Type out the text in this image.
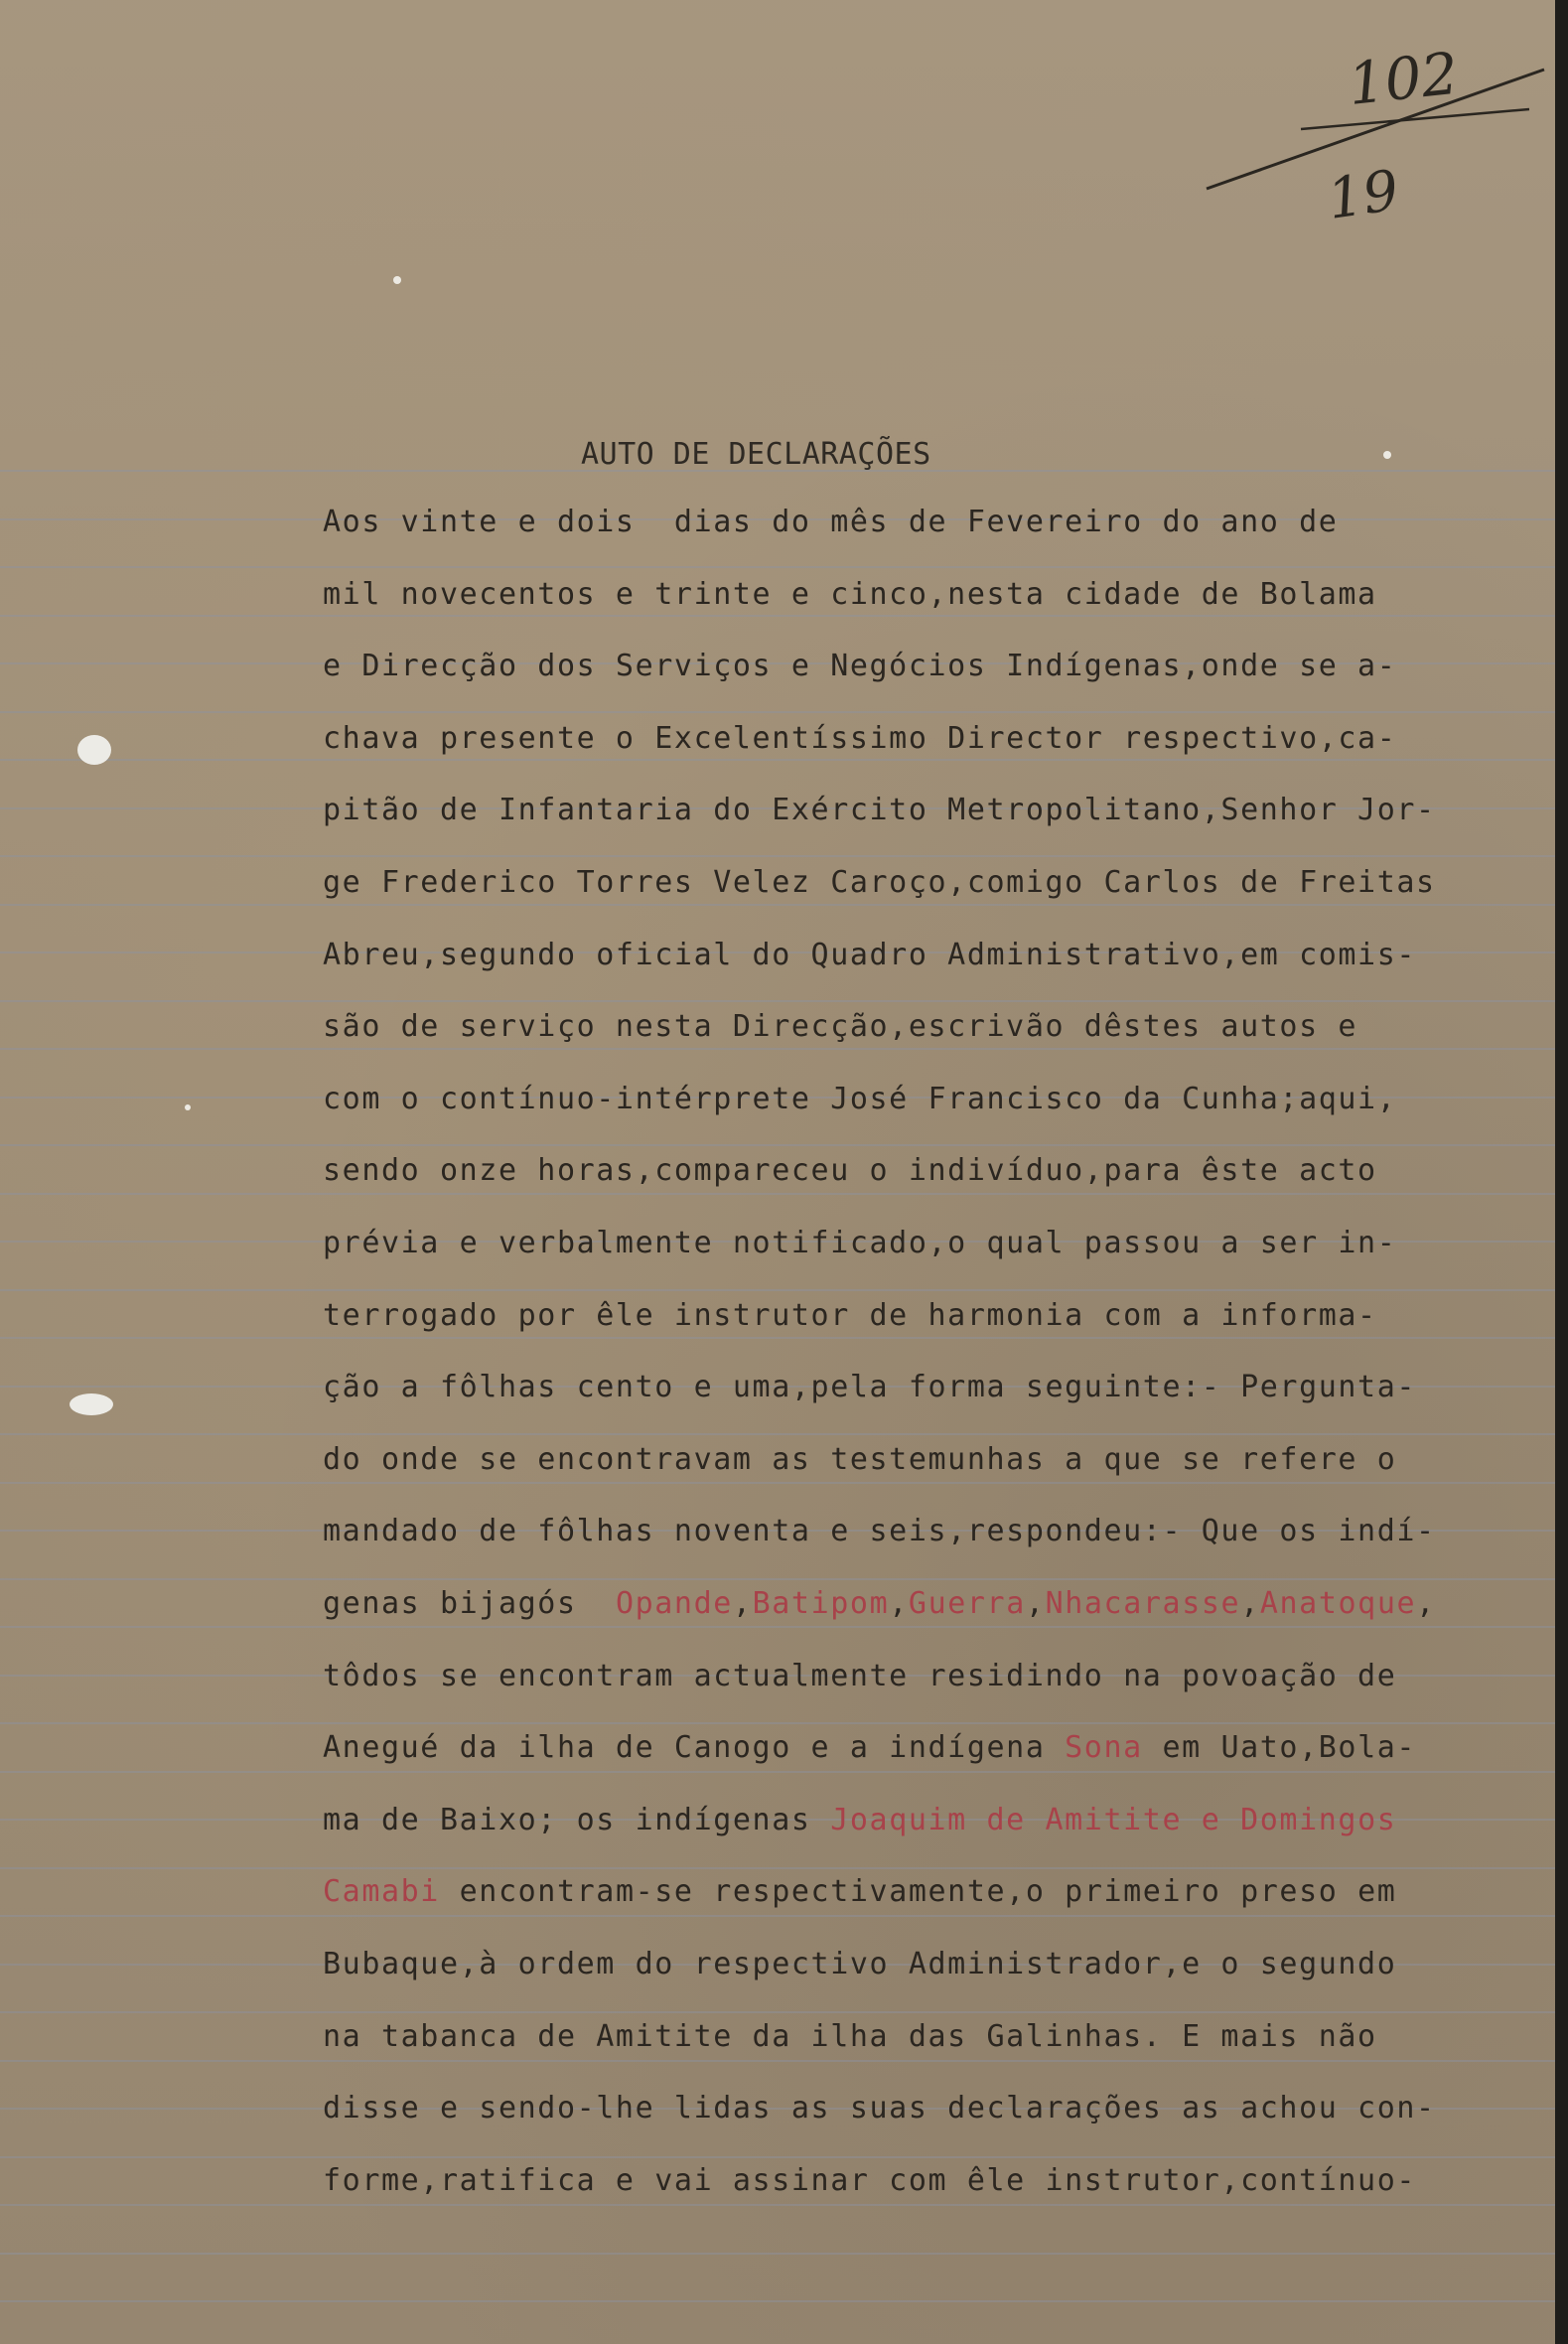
102
19
AUTO DE DECLARAÇÕES
Aos vinte e dois  dias do mês de Fevereiro do ano de
mil novecentos e trinte e cinco,nesta cidade de Bolama
e Direcção dos Serviços e Negócios Indígenas,onde se a-
chava presente o Excelentíssimo Director respectivo,ca-
pitão de Infantaria do Exército Metropolitano,Senhor Jor-
ge Frederico Torres Velez Caroço,comigo Carlos de Freitas
Abreu,segundo oficial do Quadro Administrativo,em comis-
são de serviço nesta Direcção,escrivão dêstes autos e
com o contínuo-intérprete José Francisco da Cunha;aqui,
sendo onze horas,compareceu o indivíduo,para êste acto
prévia e verbalmente notificado,o qual passou a ser in-
terrogado por êle instrutor de harmonia com a informa-
ção a fôlhas cento e uma,pela forma seguinte:- Pergunta-
do onde se encontravam as testemunhas a que se refere o
mandado de fôlhas noventa e seis,respondeu:- Que os indí-
genas bijagós  Opande,Batipom,Guerra,Nhacarasse,Anatoque,
tôdos se encontram actualmente residindo na povoação de
Anegué da ilha de Canogo e a indígena Sona em Uato,Bola-
ma de Baixo; os indígenas Joaquim de Amitite e Domingos
Camabi encontram-se respectivamente,o primeiro preso em
Bubaque,à ordem do respectivo Administrador,e o segundo
na tabanca de Amitite da ilha das Galinhas. E mais não
disse e sendo-lhe lidas as suas declarações as achou con-
forme,ratifica e vai assinar com êle instrutor,contínuo-
